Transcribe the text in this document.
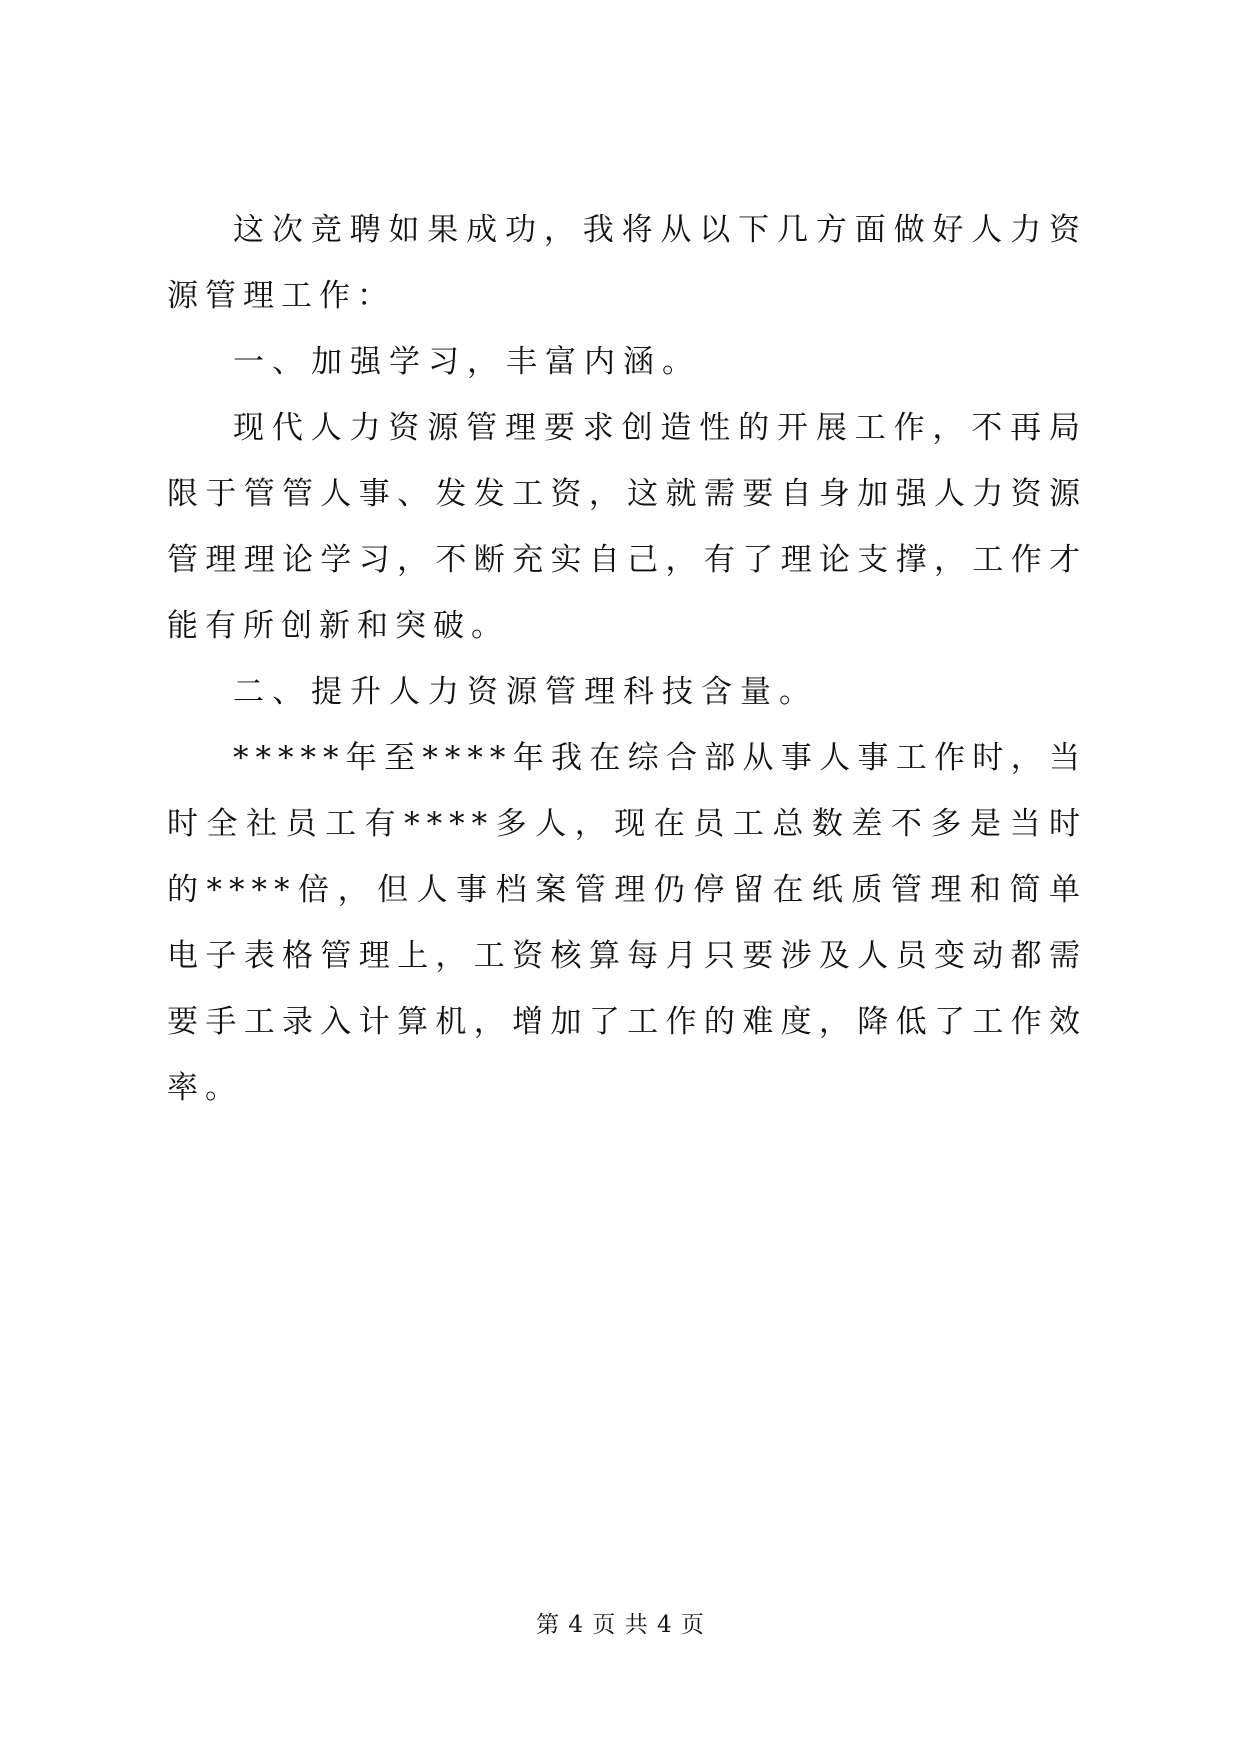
这次竞聘如果成功，我将从以下几方面做好人力资源管理工作：

一、加强学习，丰富内涵。

现代人力资源管理要求创造性的开展工作，不再局限于管管人事、发发工资，这就需要自身加强人力资源管理理论学习，不断充实自己，有了理论支撑，工作才能有所创新和突破。

二、提升人力资源管理科技含量。

*****年至****年我在综合部从事人事工作时，当时全社员工有****多人，现在员工总数差不多是当时的****倍，但人事档案管理仍停留在纸质管理和简单电子表格管理上，工资核算每月只要涉及人员变动都需要手工录入计算机，增加了工作的难度，降低了工作效率。

第 4 页 共 4 页
